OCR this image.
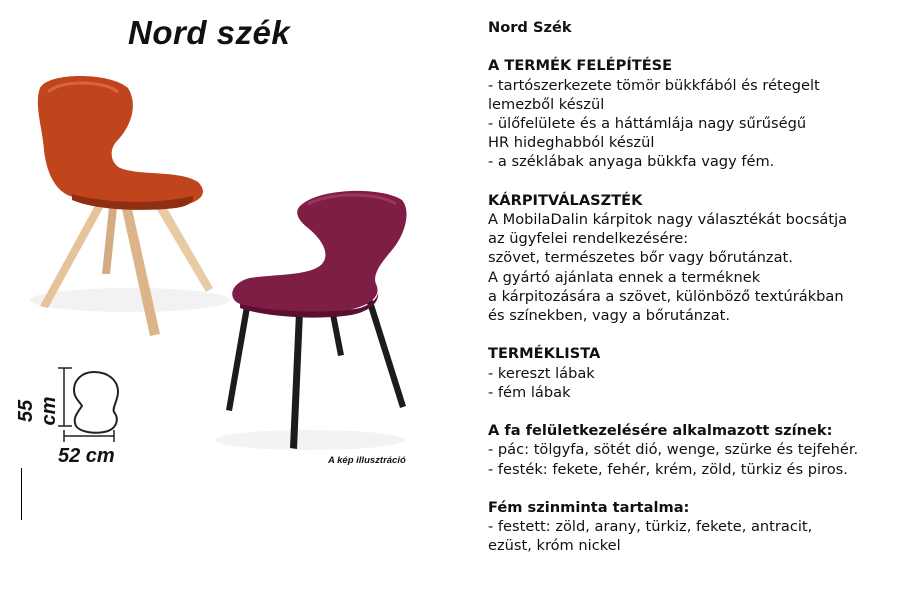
Nord szék
55 cm
52 cm	A kép illusztráció
Nord Szék
A TERMÉK FELÉPÍTÉSE
- tartószerkezete tömör bükkfából és rétegelt
lemezből készül
- ülőfelülete és a háttámlája nagy sűrűségű
HR hideghabból készül
- a széklábak anyaga bükkfa vagy fém.
KÁRPITVÁLASZTÉK
A MobilaDalin kárpitok nagy választékát bocsátja
az ügyfelei rendelkezésére:
szövet, természetes bőr vagy bőrutánzat.
A gyártó ajánlata ennek a terméknek
a kárpitozására a szövet, különböző textúrákban
és színekben, vagy a bőrutánzat.
TERMÉKLISTA
- kereszt lábak
- fém lábak
A fa felületkezelésére alkalmazott színek:
- pác: tölgyfa, sötét dió, wenge, szürke és tejfehér.
- festék: fekete, fehér, krém, zöld, türkiz és piros.
Fém szinminta tartalma:
- festett: zöld, arany, türkiz, fekete, antracit,
ezüst, króm nickel
